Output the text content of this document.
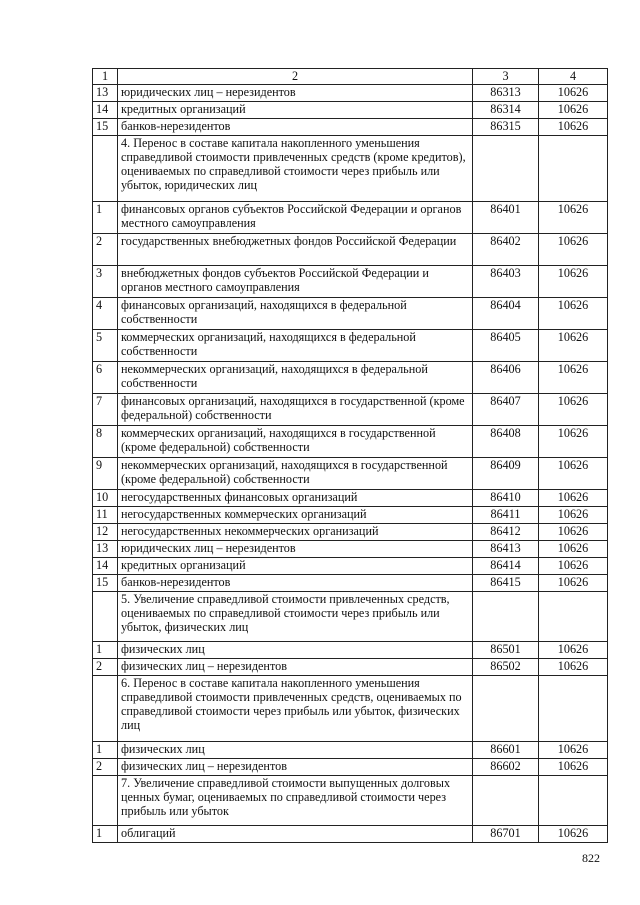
1	2	3	4
13	юридических лиц – нерезидентов	86313	10626
14	кредитных организаций	86314	10626
15	банков-нерезидентов	86315	10626
	4. Перенос в составе капитала накопленного уменьшения справедливой стоимости привлеченных средств (кроме кредитов), оцениваемых по справедливой стоимости через прибыль или убыток, юридических лиц		
1	финансовых органов субъектов Российской Федерации и органов местного самоуправления	86401	10626
2	государственных внебюджетных фондов Российской Федерации	86402	10626
3	внебюджетных фондов субъектов Российской Федерации и органов местного самоуправления	86403	10626
4	финансовых организаций, находящихся в федеральной собственности	86404	10626
5	коммерческих организаций, находящихся в федеральной собственности	86405	10626
6	некоммерческих организаций, находящихся в федеральной собственности	86406	10626
7	финансовых организаций, находящихся в государственной (кроме федеральной) собственности	86407	10626
8	коммерческих организаций, находящихся в государственной (кроме федеральной) собственности	86408	10626
9	некоммерческих организаций, находящихся в государственной (кроме федеральной) собственности	86409	10626
10	негосударственных финансовых организаций	86410	10626
11	негосударственных коммерческих организаций	86411	10626
12	негосударственных некоммерческих организаций	86412	10626
13	юридических лиц – нерезидентов	86413	10626
14	кредитных организаций	86414	10626
15	банков-нерезидентов	86415	10626
	5. Увеличение справедливой стоимости привлеченных средств, оцениваемых по справедливой стоимости через прибыль или убыток, физических лиц		
1	физических лиц	86501	10626
2	физических лиц – нерезидентов	86502	10626
	6. Перенос в составе капитала накопленного уменьшения справедливой стоимости привлеченных средств, оцениваемых по справедливой стоимости через прибыль или убыток, физических лиц		
1	физических лиц	86601	10626
2	физических лиц – нерезидентов	86602	10626
	7. Увеличение справедливой стоимости выпущенных долговых ценных бумаг, оцениваемых по справедливой стоимости через прибыль или убыток		
1	облигаций	86701	10626
822
